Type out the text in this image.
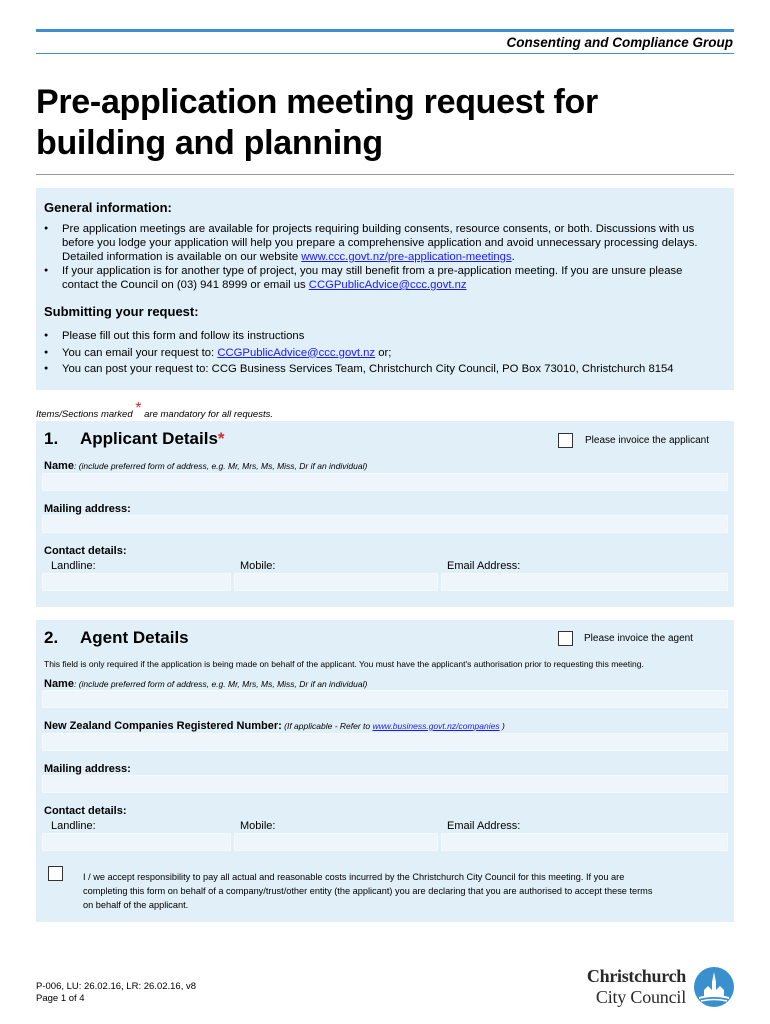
Consenting and Compliance Group
Pre-application meeting request for
building and planning
General information:
● Pre application meetings are available for projects requiring building consents, resource consents, or both. Discussions with us
before you lodge your application will help you prepare a comprehensive application and avoid unnecessary processing delays.
Detailed information is available on our website www.ccc.govt.nz/pre-application-meetings.
● If your application is for another type of project, you may still benefit from a pre-application meeting. If you are unsure please
contact the Council on (03) 941 8999 or email us CCGPublicAdvice@ccc.govt.nz
Submitting your request:
● Please fill out this form and follow its instructions
● You can email your request to: CCGPublicAdvice@ccc.govt.nz or;
● You can post your request to: CCG Business Services Team, Christchurch City Council, PO Box 73010, Christchurch 8154
Items/Sections marked * are mandatory for all requests.
1. Applicant Details*	Please invoice the applicant
Name: (include preferred form of address, e.g. Mr, Mrs, Ms, Miss, Dr if an individual)
Mailing address:
Contact details:
Landline:	Mobile:	Email Address:
2. Agent Details	Please invoice the agent
This field is only required if the application is being made on behalf of the applicant. You must have the applicant's authorisation prior to requesting this meeting.
Name: (include preferred form of address, e.g. Mr, Mrs, Ms, Miss, Dr if an individual)
New Zealand Companies Registered Number: (If applicable - Refer to www.business.govt.nz/companies )
Mailing address:
Contact details:
Landline:	Mobile:	Email Address:
I / we accept responsibility to pay all actual and reasonable costs incurred by the Christchurch City Council for this meeting. If you are
completing this form on behalf of a company/trust/other entity (the applicant) you are declaring that you are authorised to accept these terms
on behalf of the applicant.
P-006, LU: 26.02.16, LR: 26.02.16, v8
Page 1 of 4
Christchurch
City Council
